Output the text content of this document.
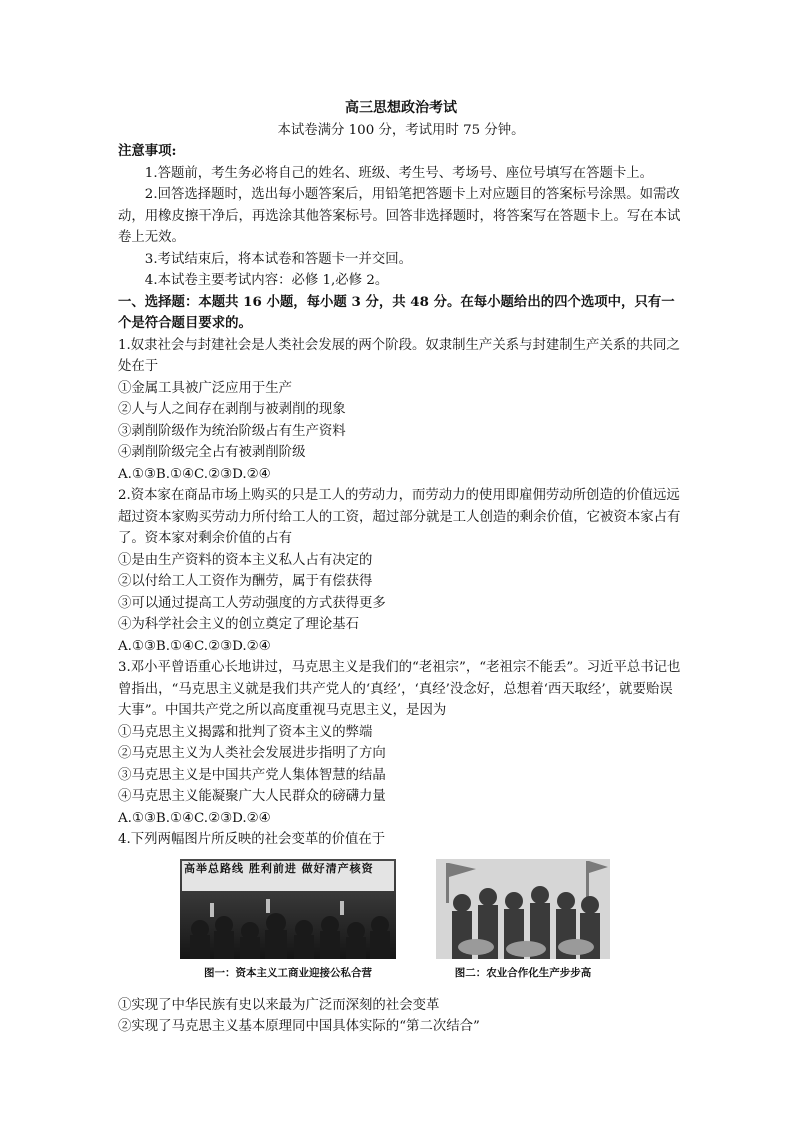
高三思想政治考试

本试卷满分 100 分，考试用时 75 分钟。

注意事项:

1.答题前，考生务必将自己的姓名、班级、考生号、考场号、座位号填写在答题卡上。

2.回答选择题时，选出每小题答案后，用铅笔把答题卡上对应题目的答案标号涂黑。如需改动，用橡皮擦干净后，再选涂其他答案标号。回答非选择题时，将答案写在答题卡上。写在本试卷上无效。

3.考试结束后，将本试卷和答题卡一并交回。

4.本试卷主要考试内容：必修 1,必修 2。

一、选择题：本题共 16 小题，每小题 3 分，共 48 分。在每小题给出的四个选项中，只有一个是符合题目要求的。

1.奴隶社会与封建社会是人类社会发展的两个阶段。奴隶制生产关系与封建制生产关系的共同之处在于

①金属工具被广泛应用于生产

②人与人之间存在剥削与被剥削的现象

③剥削阶级作为统治阶级占有生产资料

④剥削阶级完全占有被剥削阶级

A.①③B.①④C.②③D.②④

2.资本家在商品市场上购买的只是工人的劳动力，而劳动力的使用即雇佣劳动所创造的价值远远超过资本家购买劳动力所付给工人的工资，超过部分就是工人创造的剩余价值，它被资本家占有了。资本家对剩余价值的占有

①是由生产资料的资本主义私人占有决定的

②以付给工人工资作为酬劳，属于有偿获得

③可以通过提高工人劳动强度的方式获得更多

④为科学社会主义的创立奠定了理论基石

A.①③B.①④C.②③D.②④

3.邓小平曾语重心长地讲过，马克思主义是我们的“老祖宗”，“老祖宗不能丢”。习近平总书记也曾指出，“马克思主义就是我们共产党人的‘真经’，‘真经’没念好，总想着‘西天取经’，就要贻误大事”。中国共产党之所以高度重视马克思主义，是因为

①马克思主义揭露和批判了资本主义的弊端

②马克思主义为人类社会发展进步指明了方向

③马克思主义是中国共产党人集体智慧的结晶

④马克思主义能凝聚广大人民群众的磅礴力量

A.①③B.①④C.②③D.②④

4.下列两幅图片所反映的社会变革的价值在于

高举总路线 胜利前进 做好清产核资
图一：资本主义工商业迎接公私合营	图二：农业合作化生产步步高

①实现了中华民族有史以来最为广泛而深刻的社会变革

②实现了马克思主义基本原理同中国具体实际的“第二次结合”
